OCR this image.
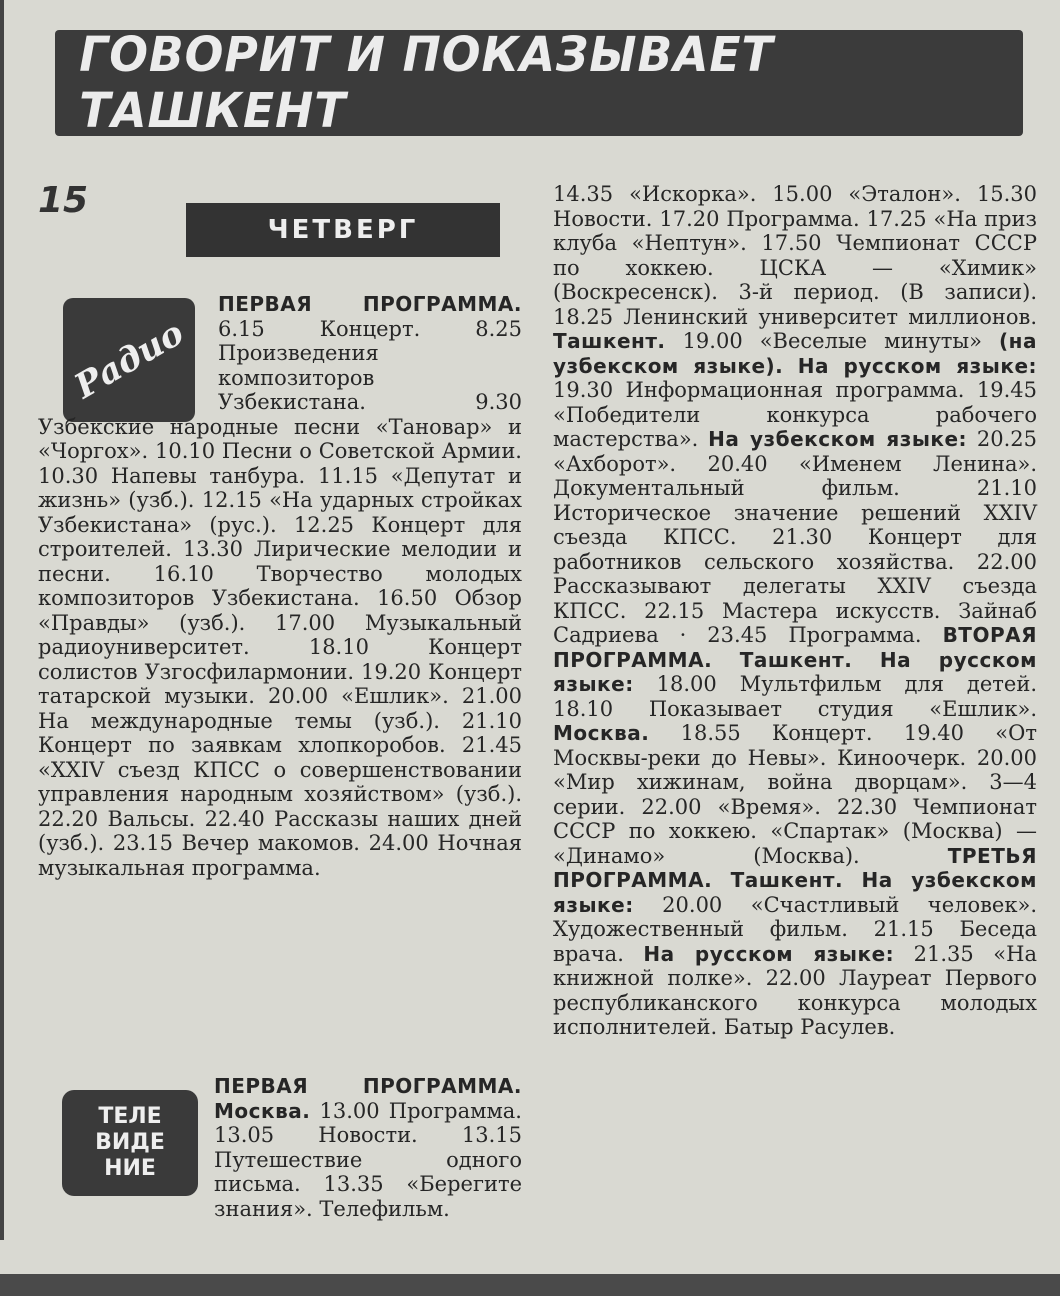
ГОВОРИТ И ПОКАЗЫВАЕТ ТАШКЕНТ
15
ЧЕТВЕРГ
Радио
ТЕЛЕ
ВИДЕ
НИЕ

ПЕРВАЯ ПРОГРАММА. 6.15 Концерт. 8.25 Произведения композиторов Узбекистана. 9.30 Узбекские народные песни «Тановар» и «Чоргох». 10.10 Песни о Советской Армии. 10.30 Напевы танбура. 11.15 «Депутат и жизнь» (узб.). 12.15 «На ударных стройках Узбекистана» (рус.). 12.25 Концерт для строителей. 13.30 Лирические мелодии и песни. 16.10 Творчество молодых композиторов Узбекистана. 16.50 Обзор «Правды» (узб.). 17.00 Музыкальный радиоуниверситет. 18.10 Концерт солистов Узгосфилармонии. 19.20 Концерт татарской музыки. 20.00 «Ешлик». 21.00 На международные темы (узб.). 21.10 Концерт по заявкам хлопкоробов. 21.45 «XXIV съезд КПСС о совершенствовании управления народным хозяйством» (узб.). 22.20 Вальсы. 22.40 Рассказы наших дней (узб.). 23.15 Вечер макомов. 24.00 Ночная музыкальная программа.

ПЕРВАЯ ПРОГРАММА. Москва. 13.00 Программа. 13.05 Новости. 13.15 Путешествие одного письма. 13.35 «Берегите знания». Телефильм.

14.35 «Искорка». 15.00 «Эталон». 15.30 Новости. 17.20 Программа. 17.25 «На приз клуба «Нептун». 17.50 Чемпионат СССР по хоккею. ЦСКА — «Химик» (Воскресенск). 3-й период. (В записи). 18.25 Ленинский университет миллионов. Ташкент. 19.00 «Веселые минуты» (на узбекском языке). На русском языке: 19.30 Информационная программа. 19.45 «Победители конкурса рабочего мастерства». На узбекском языке: 20.25 «Ахборот». 20.40 «Именем Ленина». Документальный фильм. 21.10 Историческое значение решений XXIV съезда КПСС. 21.30 Концерт для работников сельского хозяйства. 22.00 Рассказывают делегаты XXIV съезда КПСС. 22.15 Мастера искусств. Зайнаб Садриева · 23.45 Программа. ВТОРАЯ ПРОГРАММА. Ташкент. На русском языке: 18.00 Мультфильм для детей. 18.10 Показывает студия «Ешлик». Москва. 18.55 Концерт. 19.40 «От Москвы-реки до Невы». Киноочерк. 20.00 «Мир хижинам, война дворцам». 3—4 серии. 22.00 «Время». 22.30 Чемпионат СССР по хоккею. «Спартак» (Москва) — «Динамо» (Москва).	ТРЕТЬЯ ПРОГРАММА. Ташкент. На узбекском языке: 20.00 «Счастливый человек». Художественный фильм. 21.15 Беседа врача. На русском языке: 21.35 «На книжной полке». 22.00 Лауреат Первого республиканского конкурса молодых исполнителей. Батыр Расулев.
